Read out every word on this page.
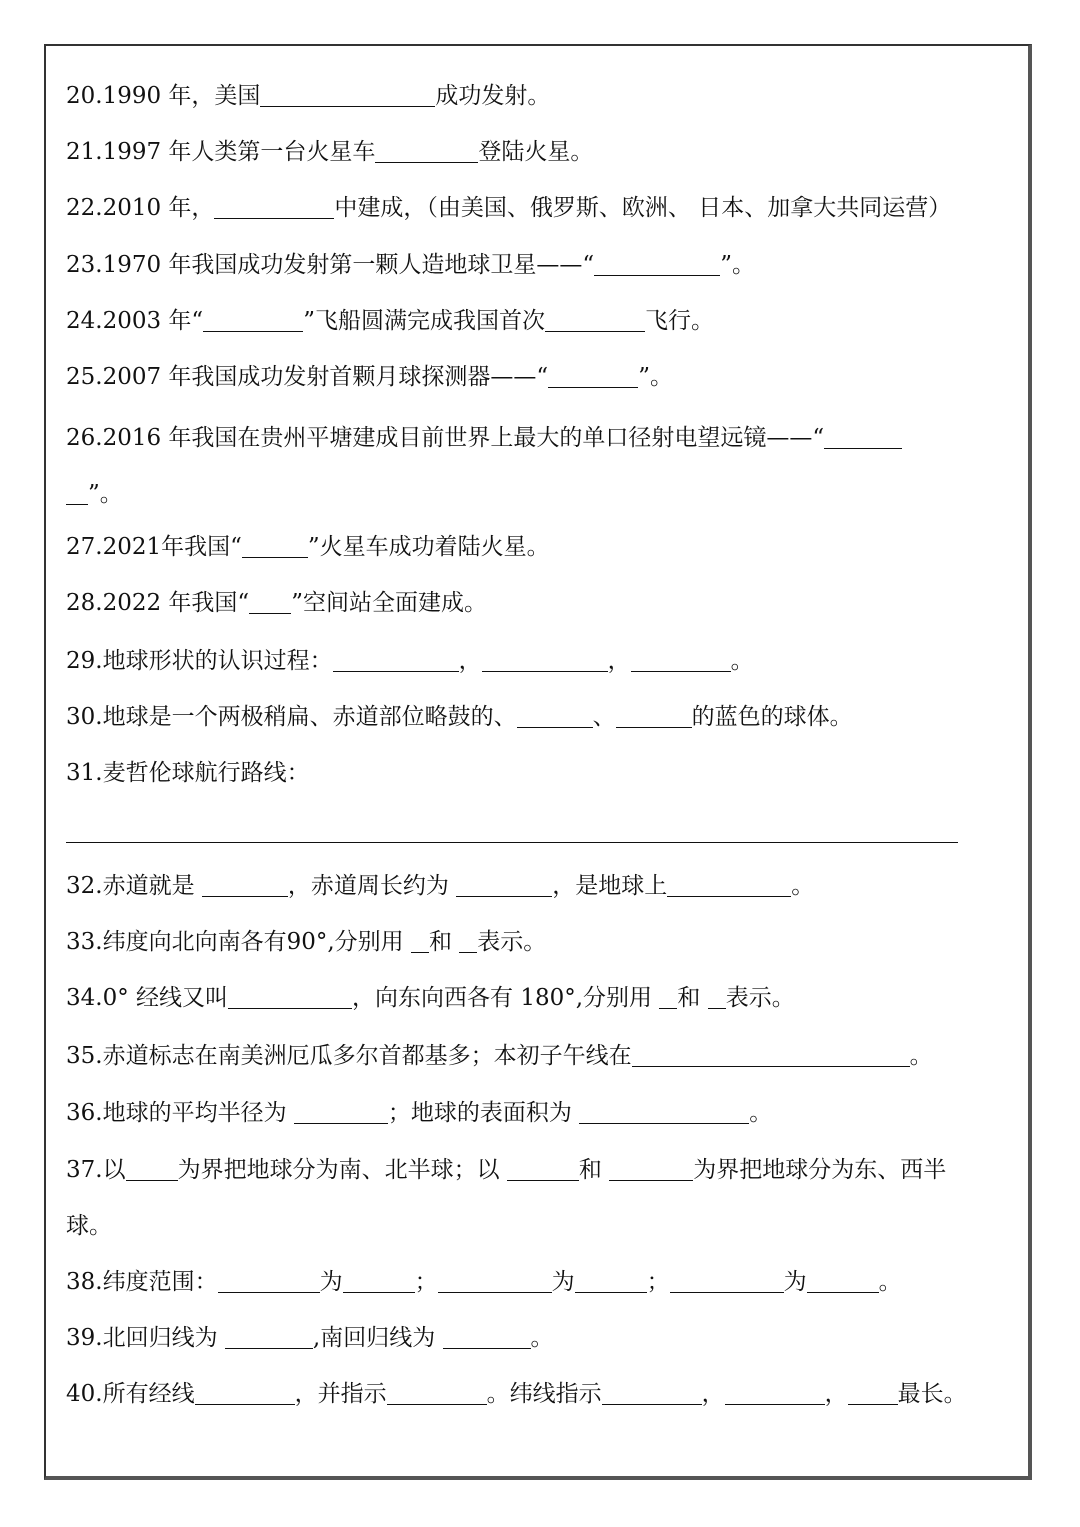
20.1990 年，美国	成功发射。
21.1997 年人类第一台火星车	登陆火星。
22.2010 年，	中建成，（由美国、俄罗斯、欧洲、 日本、加拿大共同运营）
23.1970 年我国成功发射第一颗人造地球卫星——“	”。
24.2003 年“	”飞船圆满完成我国首次	飞行。
25.2007 年我国成功发射首颗月球探测器——“	”。
26.2016 年我国在贵州平塘建成目前世界上最大的单口径射电望远镜——“
”。
27.2021年我国“	”火星车成功着陆火星。
28.2022 年我国“ ”空间站全面建成。
29.地球形状的认识过程：	，	，	。
30.地球是一个两极稍扁、赤道部位略鼓的、	、	的蓝色的球体。
31.麦哲伦球航行路线：
32.赤道就是	，赤道周长约为	，是地球上	。
33.纬度向北向南各有90°,分别用 和 表示。
34.0° 经线又叫	，向东向西各有 180°,分别用 和 表示。
35.赤道标志在南美洲厄瓜多尔首都基多；本初子午线在	。
36.地球的平均半径为	；地球的表面积为	。
37.以 为界把地球分为南、北半球；以	和	为界把地球分为东、西半
球。
38.纬度范围：	为	；	为	；	为	。
39.北回归线为	,南回归线为	。
40.所有经线	，并指示	。纬线指示	，	， 最长。
